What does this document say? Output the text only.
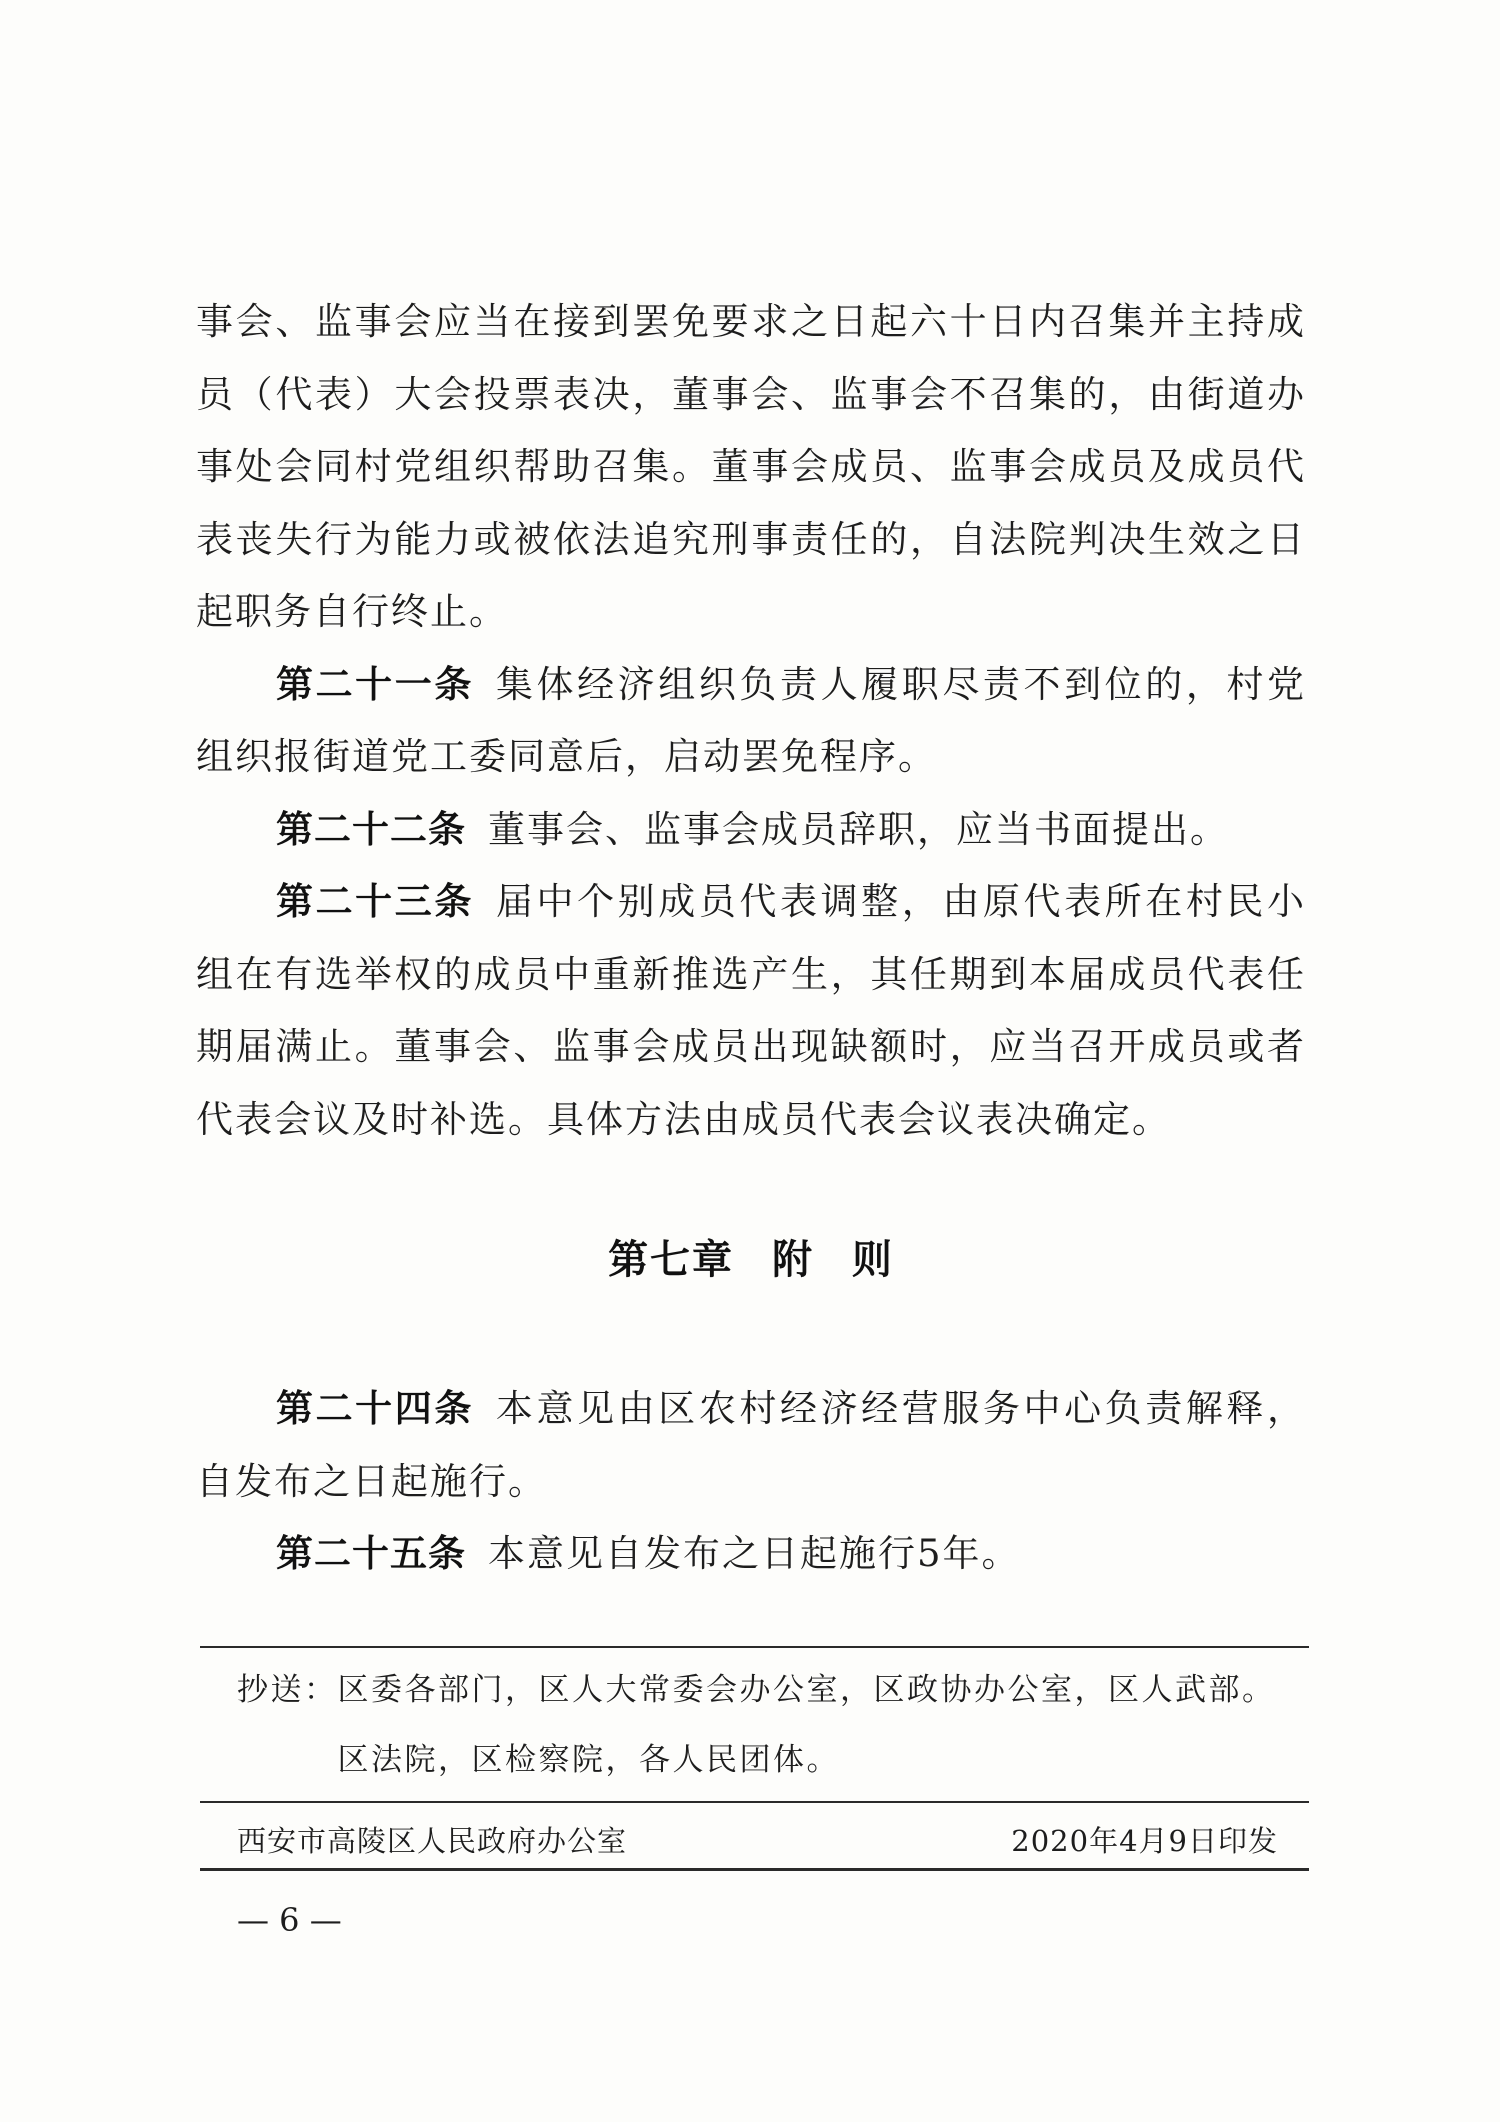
事会、监事会应当在接到罢免要求之日起六十日内召集并主持成
员（代表）大会投票表决，董事会、监事会不召集的，由街道办
事处会同村党组织帮助召集。董事会成员、监事会成员及成员代
表丧失行为能力或被依法追究刑事责任的，自法院判决生效之日
起职务自行终止。
第二十一条 集体经济组织负责人履职尽责不到位的，村党
组织报街道党工委同意后，启动罢免程序。
第二十二条 董事会、监事会成员辞职，应当书面提出。
第二十三条 届中个别成员代表调整，由原代表所在村民小
组在有选举权的成员中重新推选产生，其任期到本届成员代表任
期届满止。董事会、监事会成员出现缺额时，应当召开成员或者
代表会议及时补选。具体方法由成员代表会议表决确定。
第七章 附 则
第二十四条 本意见由区农村经济经营服务中心负责解释，
自发布之日起施行。
第二十五条 本意见自发布之日起施行5年。
抄送： 区委各部门，区人大常委会办公室，区政协办公室，区人武部。
区法院，区检察院，各人民团体。
西安市高陵区人民政府办公室	2020年4月9日印发
— 6 —
